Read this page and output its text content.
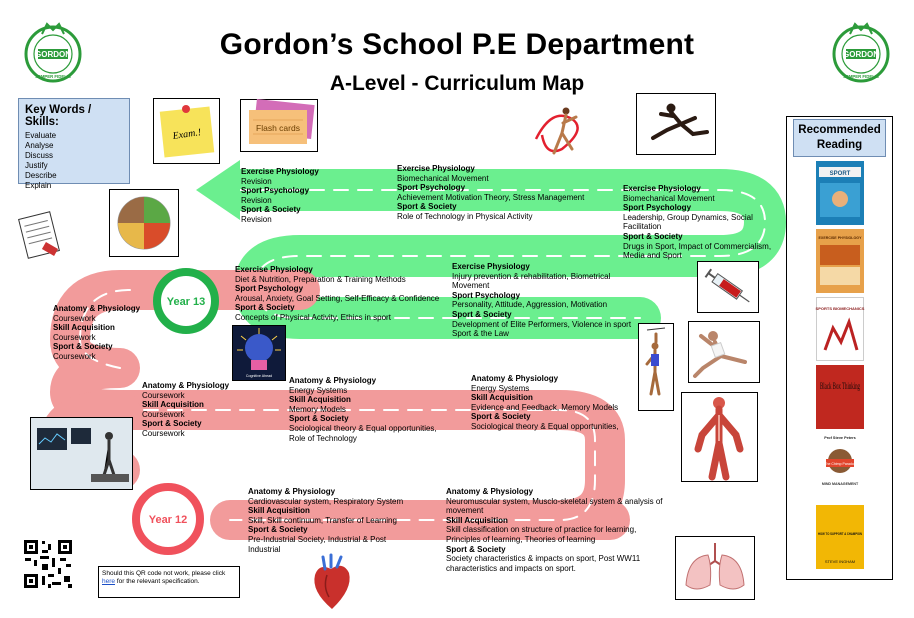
Gordon’s School P.E Department
A-Level - Curriculum Map
GORDON
SEMPER FIDELIS
GORDON
SEMPER FIDELIS
Key Words / Skills:
Evaluate
Analyse
Discuss
Justify
Describe
Explain
Exam.!	Flash cards
Cognitive Ahead
Year 13
Year 12
Exercise Physiology
Revision
Sport Psychology
Revision
Sport & Society
Revision
Exercise Physiology
Biomechanical Movement
Sport Psychology
Achievement Motivation Theory, Stress Management
Sport & Society
Role of Technology in Physical Activity
Exercise Physiology
Biomechanical Movement
Sport Psychology
Leadership, Group Dynamics, Social Facilitation
Sport & Society
Drugs in Sport, Impact of Commercialism, Media and Sport
Exercise Physiology
Diet & Nutrition, Preparation & Training Methods
Sport Psychology
Arousal, Anxiety, Goal Setting, Self-Efficacy & Confidence
Sport & Society
Concepts of Physical Activity, Ethics in sport
Exercise Physiology
Injury prevention & rehabilitation, Biometrical Movement
Sport Psychology
Personality, Attitude, Aggression, Motivation
Sport & Society
Development of Elite Performers, Violence in sport Sport & the Law
Anatomy & Physiology
Coursework
Skill Acquisition
Coursework
Sport & Society
Coursework
Anatomy & Physiology
Coursework
Skill Acquisition
Coursework
Sport & Society
Coursework
Anatomy & Physiology
Energy Systems
Skill Acquisition
Memory Models
Sport & Society
Sociological theory & Equal opportunities, Role of Technology
Anatomy & Physiology
Energy Systems
Skill Acquisition
Evidence and Feedback, Memory Models
Sport & Society
Sociological theory & Equal opportunities,
Anatomy & Physiology
Cardiovascular system, Respiratory System
Skill Acquisition
Skill, Skill continuum, Transfer of Learning
Sport & Society
Pre-Industrial Society, Industrial & Post Industrial
Anatomy & Physiology
Neuromuscular system, Musclo-skeletal system & analysis of movement
Skill Acquisition
Skill classification on structure of practice for learning, Principles of learning, Theories of learning
Sport & Society
Society characteristics & impacts on sport, Post WW11 characteristics and impacts on sport.
Should this QR code not work, please click here for the relevant specification.
Recommended Reading
SPORT
EXERCISE PHYSIOLOGY
SPORTS BIOMECHANICS
Black Box Thinking
Prof Steve Peters
The Chimp Paradox
MIND MANAGEMENT
HOW TO SUPPORT A CHAMPION
STEVE INGHAM
